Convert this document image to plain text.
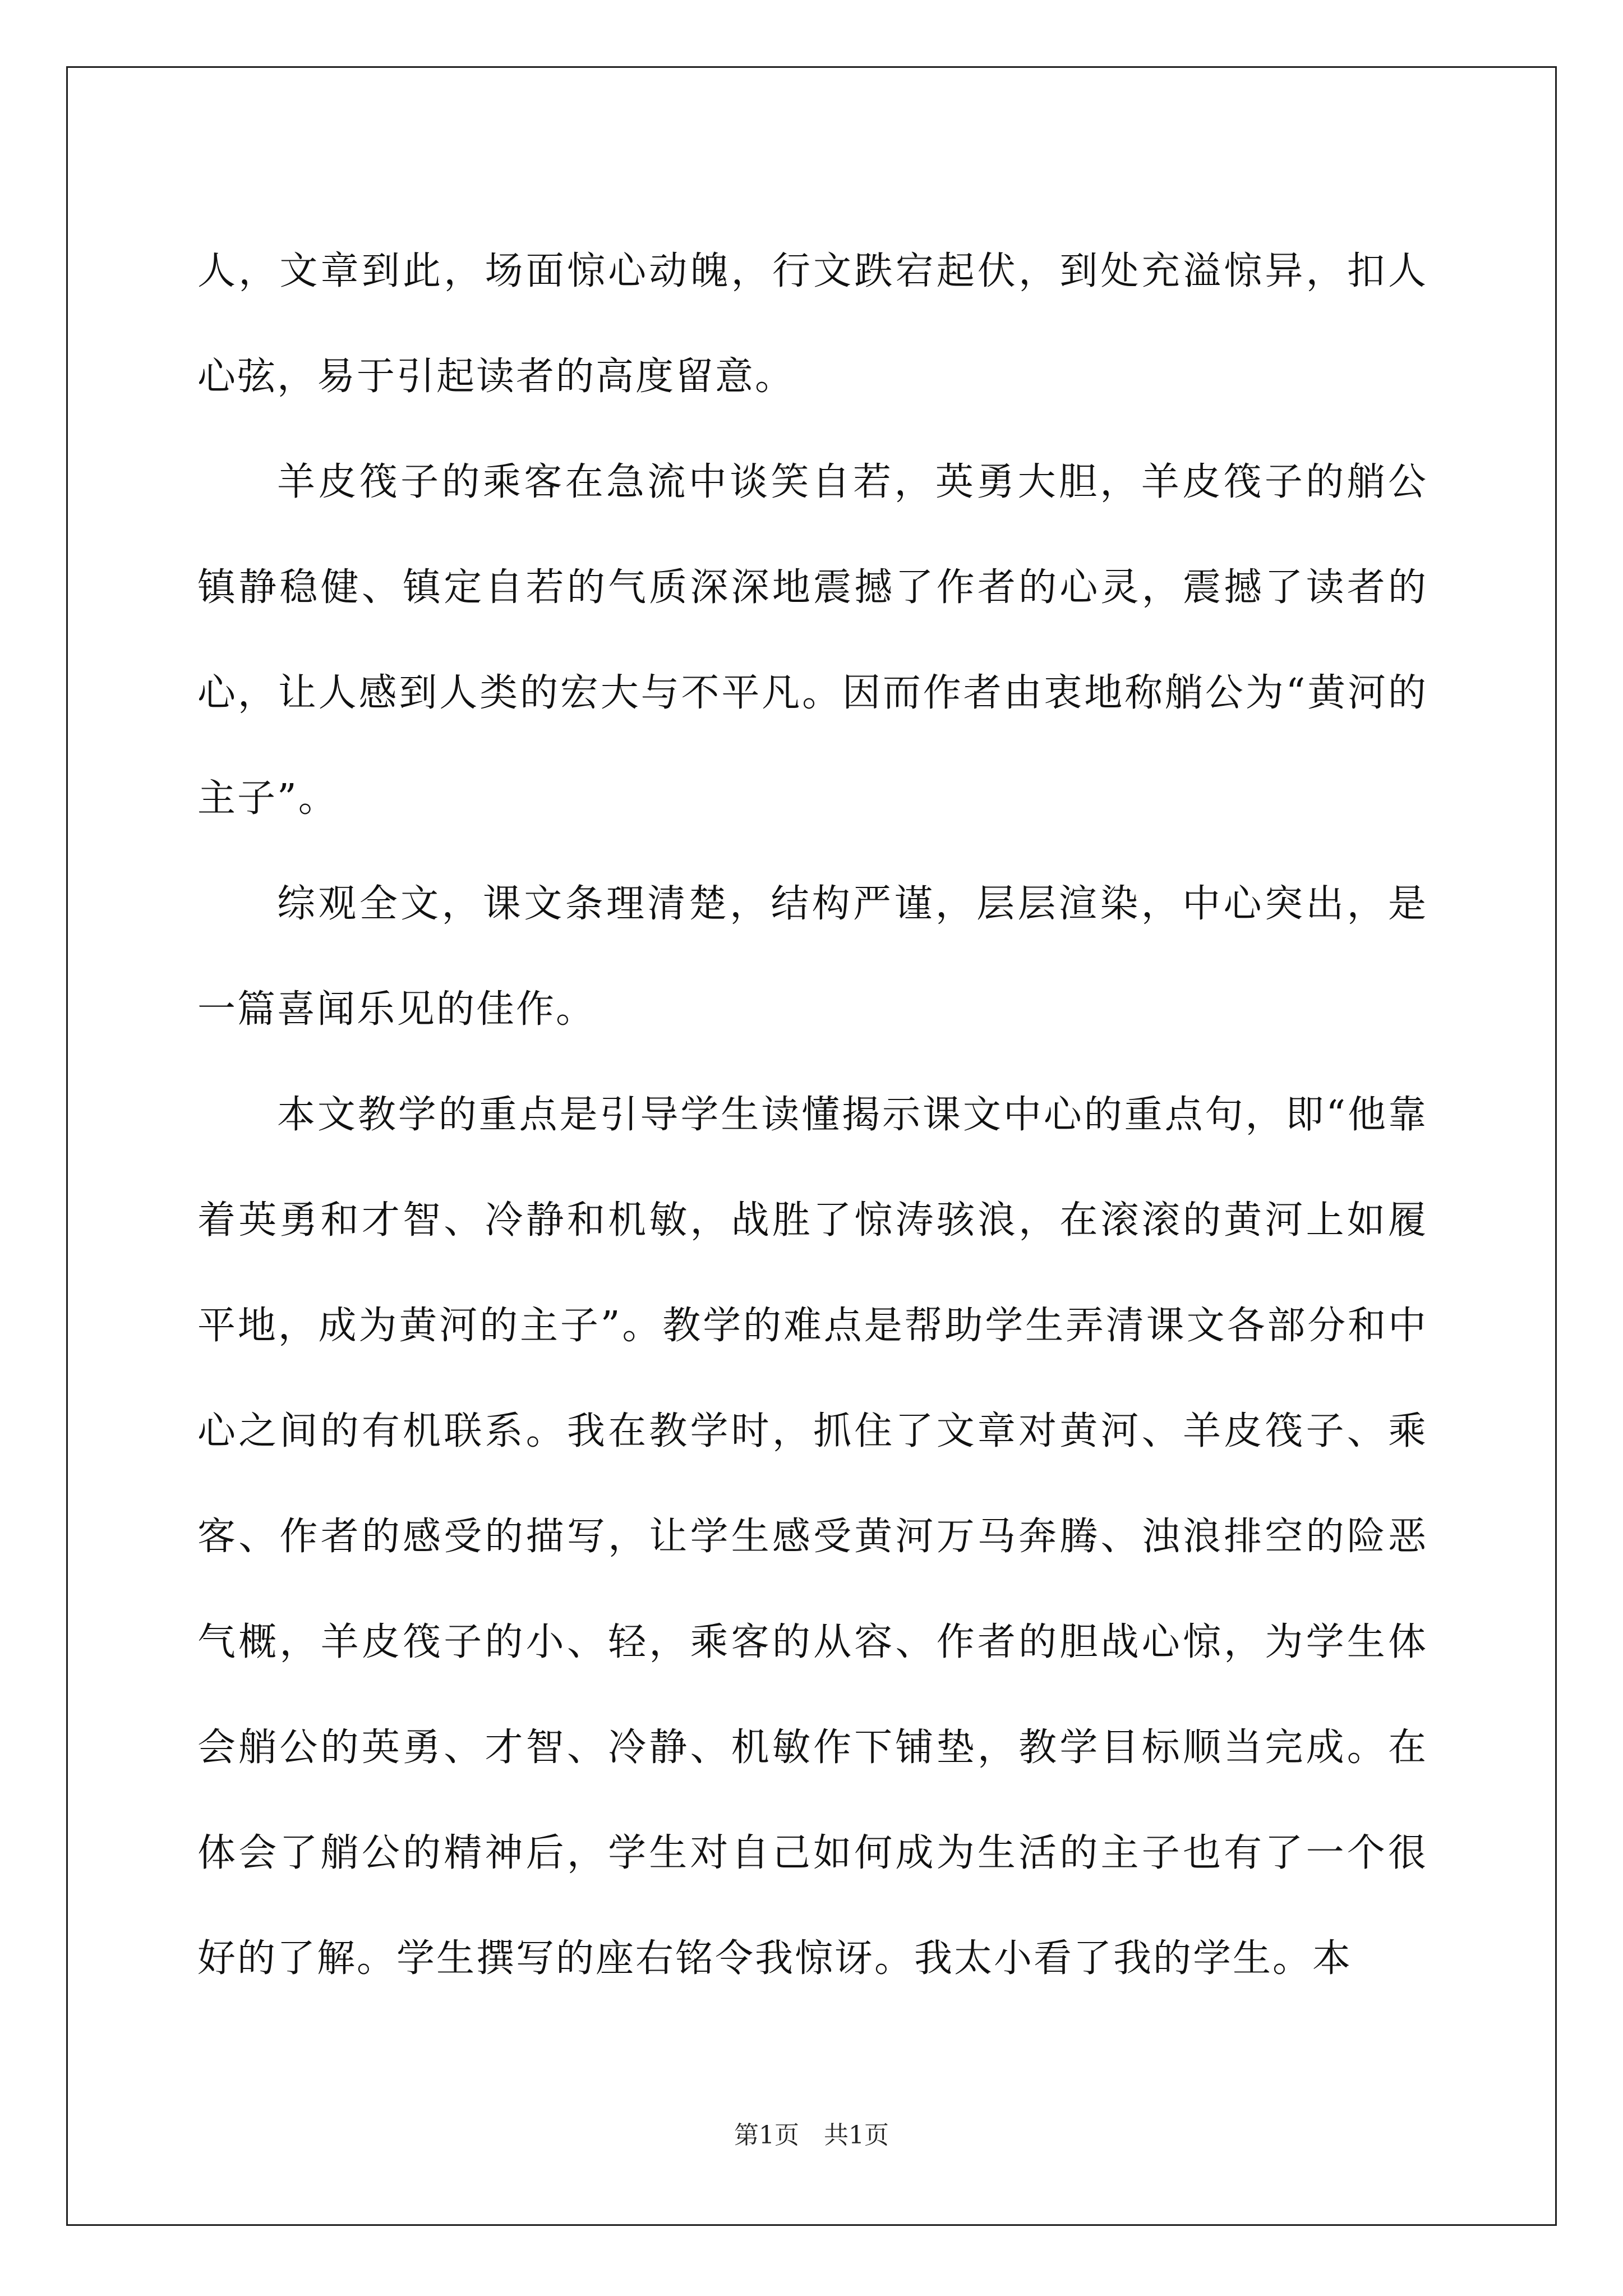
人，文章到此，场面惊心动魄，行文跌宕起伏，到处充溢惊异，扣人心弦，易于引起读者的高度留意。

羊皮筏子的乘客在急流中谈笑自若，英勇大胆，羊皮筏子的艄公镇静稳健、镇定自若的气质深深地震撼了作者的心灵，震撼了读者的心，让人感到人类的宏大与不平凡。因而作者由衷地称艄公为“黄河的主子”。

综观全文，课文条理清楚，结构严谨，层层渲染，中心突出，是一篇喜闻乐见的佳作。

本文教学的重点是引导学生读懂揭示课文中心的重点句，即“他靠着英勇和才智、冷静和机敏，战胜了惊涛骇浪，在滚滚的黄河上如履平地，成为黄河的主子”。教学的难点是帮助学生弄清课文各部分和中心之间的有机联系。我在教学时，抓住了文章对黄河、羊皮筏子、乘客、作者的感受的描写，让学生感受黄河万马奔腾、浊浪排空的险恶气概，羊皮筏子的小、轻，乘客的从容、作者的胆战心惊，为学生体会艄公的英勇、才智、冷静、机敏作下铺垫，教学目标顺当完成。在体会了艄公的精神后，学生对自己如何成为生活的主子也有了一个很好的了解。学生撰写的座右铭令我惊讶。我太小看了我的学生。本

第1页　共1页
